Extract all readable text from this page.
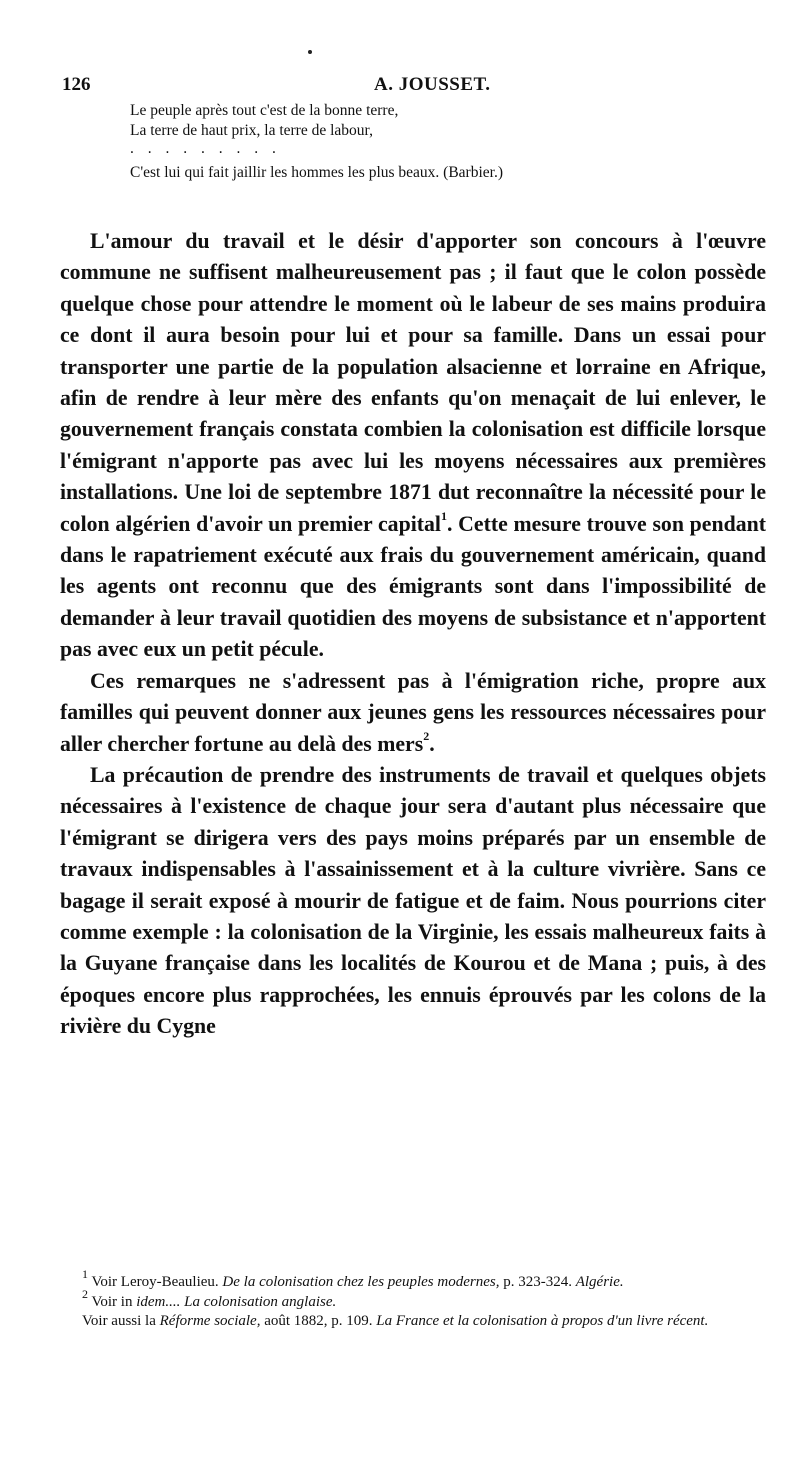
126	A. JOUSSET.
Le peuple après tout c'est de la bonne terre,
La terre de haut prix, la terre de labour,
. . . . . . . . .
C'est lui qui fait jaillir les hommes les plus beaux. (Barbier.)

L'amour du travail et le désir d'apporter son concours à l'œuvre commune ne suffisent malheureusement pas ; il faut que le colon possède quelque chose pour attendre le moment où le labeur de ses mains produira ce dont il aura besoin pour lui et pour sa famille. Dans un essai pour transporter une partie de la population alsacienne et lorraine en Afrique, afin de rendre à leur mère des enfants qu'on menaçait de lui enlever, le gouvernement français constata combien la colonisation est difficile lorsque l'émigrant n'apporte pas avec lui les moyens nécessaires aux premières installations. Une loi de septembre 1871 dut reconnaître la nécessité pour le colon algérien d'avoir un premier capital$^1$. Cette mesure trouve son pendant dans le rapatriement exécuté aux frais du gouvernement américain, quand les agents ont reconnu que des émigrants sont dans l'impossibilité de demander à leur travail quotidien des moyens de subsistance et n'apportent pas avec eux un petit pécule.

Ces remarques ne s'adressent pas à l'émigration riche, propre aux familles qui peuvent donner aux jeunes gens les ressources nécessaires pour aller chercher fortune au delà des mers$^2$.

La précaution de prendre des instruments de travail et quelques objets nécessaires à l'existence de chaque jour sera d'autant plus nécessaire que l'émigrant se dirigera vers des pays moins préparés par un ensemble de travaux indispensables à l'assainissement et à la culture vivrière. Sans ce bagage il serait exposé à mourir de fatigue et de faim. Nous pourrions citer comme exemple : la colonisation de la Virginie, les essais malheureux faits à la Guyane française dans les localités de Kourou et de Mana ; puis, à des époques encore plus rapprochées, les ennuis éprouvés par les colons de la rivière du Cygne

$^1$ Voir Leroy-Beaulieu. De la colonisation chez les peuples modernes, p. 323-324. Algérie.
$^2$ Voir in idem.... La colonisation anglaise.
Voir aussi la Réforme sociale, août 1882, p. 109. La France et la colonisation à propos d'un livre récent.
